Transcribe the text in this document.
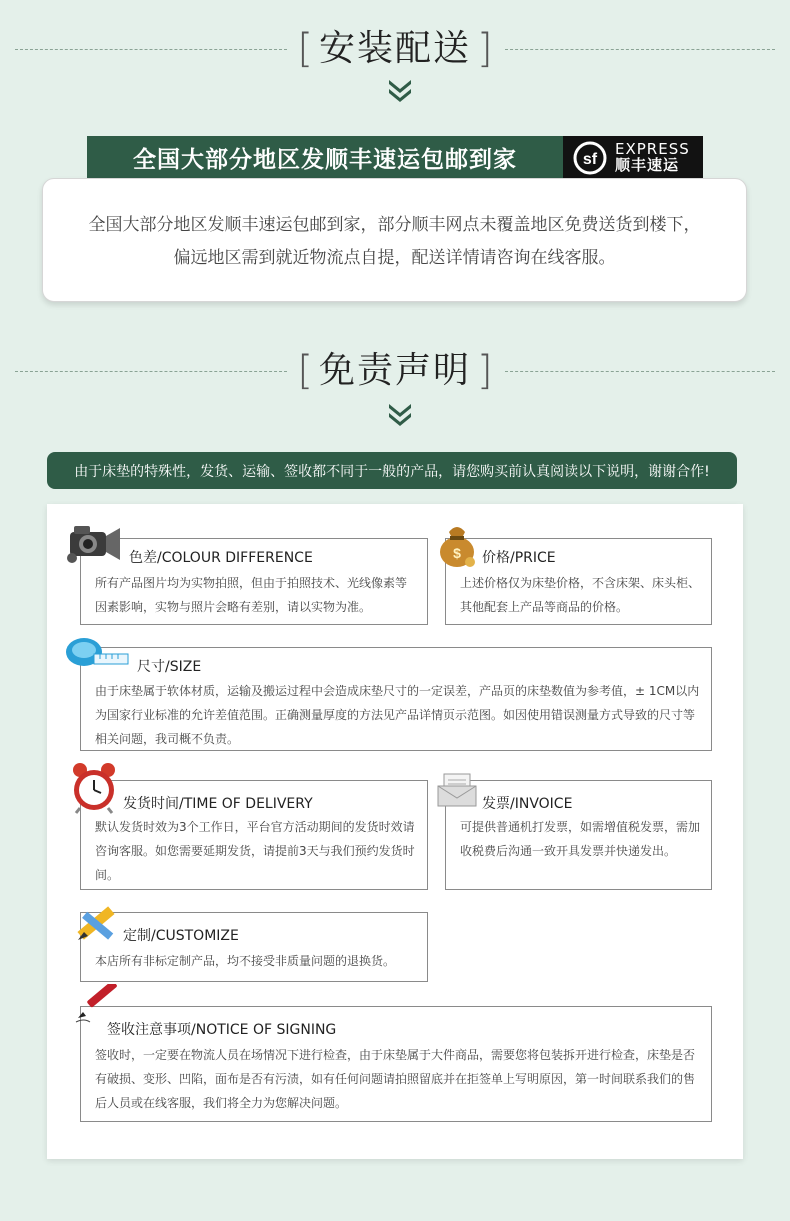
[ 安装配送 ]
全国大部分地区发顺丰速运包邮到家	sf
EXPRESS
顺丰速运
全国大部分地区发顺丰速运包邮到家，部分顺丰网点未覆盖地区免费送货到楼下，
偏远地区需到就近物流点自提，配送详情请咨询在线客服。
[ 免责声明 ]
由于床垫的特殊性，发货、运输、签收都不同于一般的产品，请您购买前认真阅读以下说明，谢谢合作!
色差/COLOUR DIFFERENCE
所有产品图片均为实物拍照，但由于拍照技术、光线像素等因素影响，实物与照片会略有差别，请以实物为准。
价格/PRICE
上述价格仅为床垫价格，不含床架、床头柜、其他配套上产品等商品的价格。
$
尺寸/SIZE
由于床垫属于软体材质，运输及搬运过程中会造成床垫尺寸的一定误差，产品页的床垫数值为参考值，± 1CM以内为国家行业标准的允许差值范围。正确测量厚度的方法见产品详情页示范图。如因使用错误测量方式导致的尺寸等相关问题，我司概不负责。
发货时间/TIME OF DELIVERY
默认发货时效为3个工作日，平台官方活动期间的发货时效请咨询客服。如您需要延期发货，请提前3天与我们预约发货时间。
发票/INVOICE
可提供普通机打发票，如需增值税发票，需加收税费后沟通一致开具发票并快递发出。
定制/CUSTOMIZE
本店所有非标定制产品，均不接受非质量问题的退换货。
签收注意事项/NOTICE OF SIGNING
签收时，一定要在物流人员在场情况下进行检查，由于床垫属于大件商品，需要您将包装拆开进行检查，床垫是否有破损、变形、凹陷，面布是否有污渍，如有任何问题请拍照留底并在拒签单上写明原因，第一时间联系我们的售后人员或在线客服，我们将全力为您解决问题。
